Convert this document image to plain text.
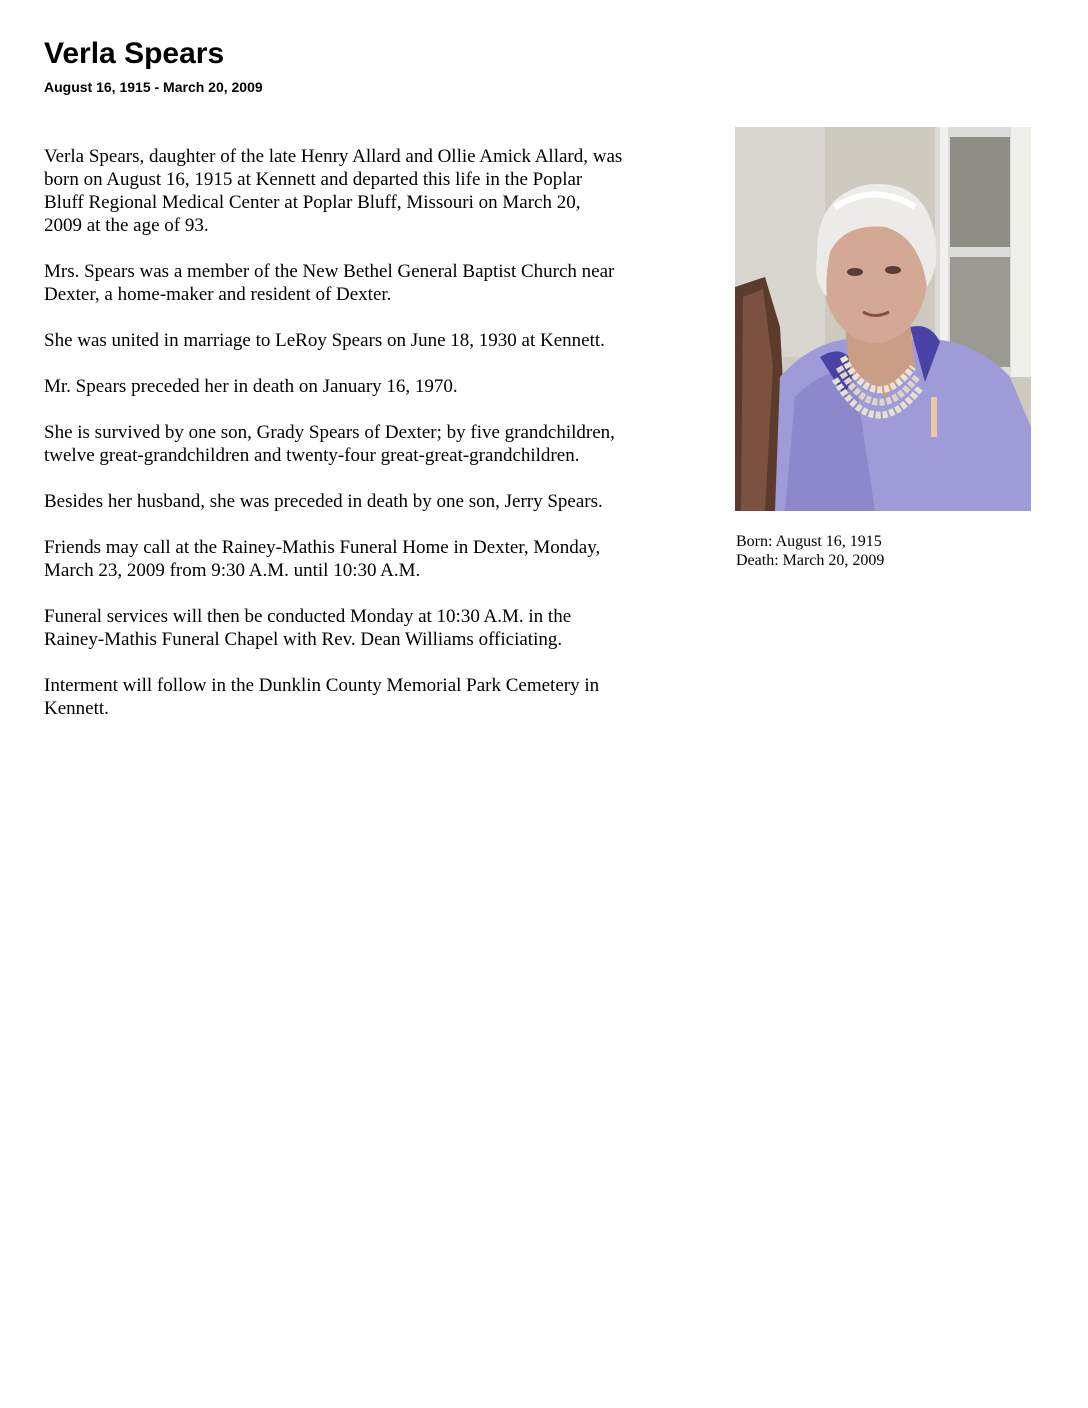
Verla Spears
August 16, 1915 - March 20, 2009

Verla Spears, daughter of the late Henry Allard and Ollie Amick Allard, was
born on August 16, 1915 at Kennett and departed this life in the Poplar
Bluff Regional Medical Center at Poplar Bluff, Missouri on March 20,
2009 at the age of 93.

Mrs. Spears was a member of the New Bethel General Baptist Church near
Dexter, a home-maker and resident of Dexter.

She was united in marriage to LeRoy Spears on June 18, 1930 at Kennett.

Mr. Spears preceded her in death on January 16, 1970.

She is survived by one son, Grady Spears of Dexter; by five grandchildren,
twelve great-grandchildren and twenty-four great-great-grandchildren.

Besides her husband, she was preceded in death by one son, Jerry Spears.

Friends may call at the Rainey-Mathis Funeral Home in Dexter, Monday,
March 23, 2009 from 9:30 A.M. until 10:30 A.M.

Funeral services will then be conducted Monday at 10:30 A.M. in the
Rainey-Mathis Funeral Chapel with Rev. Dean Williams officiating.

Interment will follow in the Dunklin County Memorial Park Cemetery in
Kennett.

Born: August 16, 1915
Death: March 20, 2009
